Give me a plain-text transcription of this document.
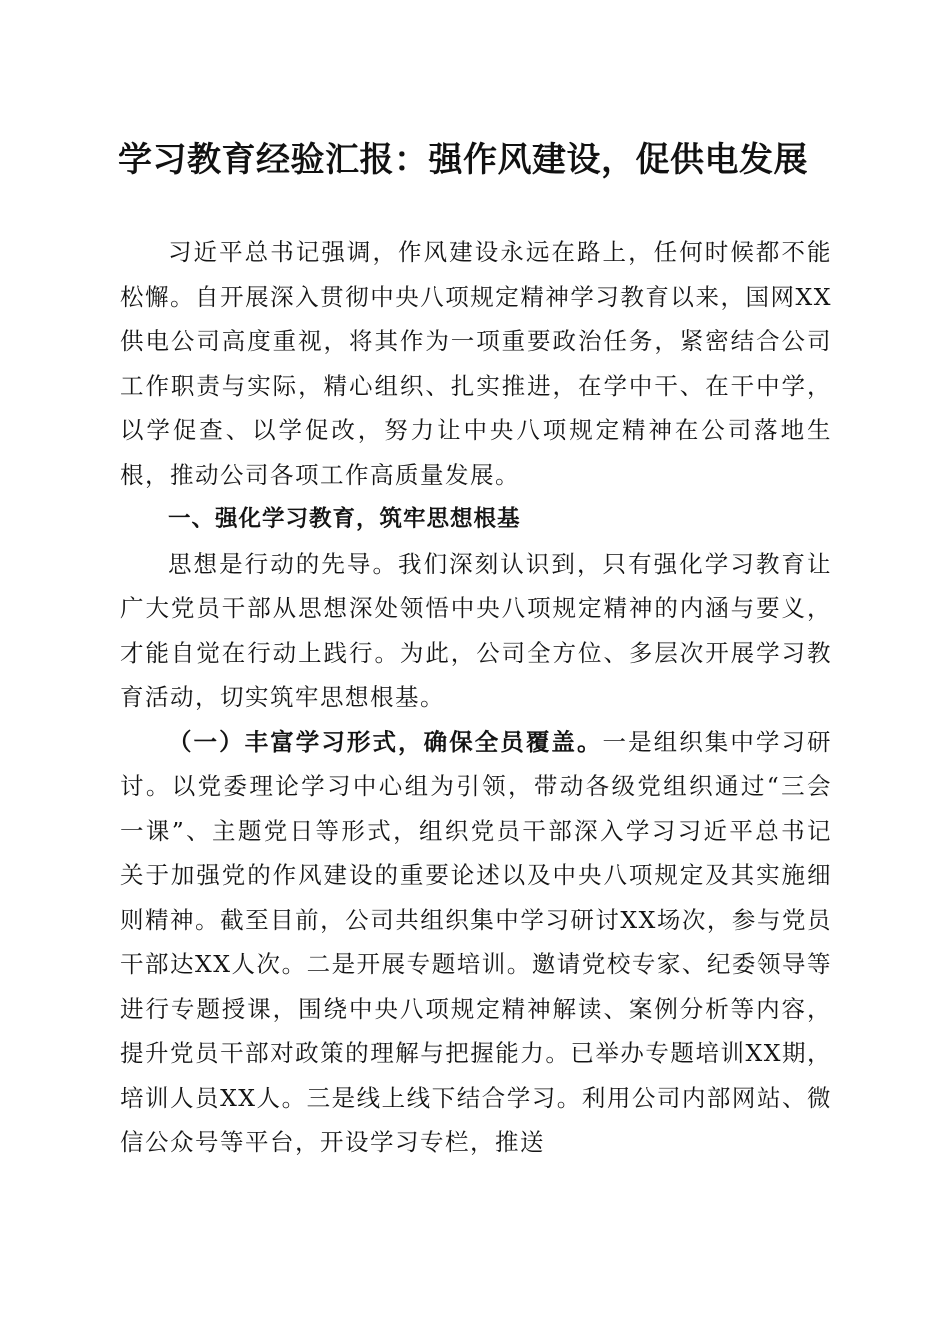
学习教育经验汇报：强作风建设，促供电发展

习近平总书记强调，作风建设永远在路上，任何时候都不能松懈。自开展深入贯彻中央八项规定精神学习教育以来，国网XX供电公司高度重视，将其作为一项重要政治任务，紧密结合公司工作职责与实际，精心组织、扎实推进，在学中干、在干中学，以学促查、以学促改，努力让中央八项规定精神在公司落地生根，推动公司各项工作高质量发展。

一、强化学习教育，筑牢思想根基

思想是行动的先导。我们深刻认识到，只有强化学习教育让广大党员干部从思想深处领悟中央八项规定精神的内涵与要义，才能自觉在行动上践行。为此，公司全方位、多层次开展学习教育活动，切实筑牢思想根基。

（一）丰富学习形式，确保全员覆盖。一是组织集中学习研讨。以党委理论学习中心组为引领，带动各级党组织通过“三会一课”、主题党日等形式，组织党员干部深入学习习近平总书记关于加强党的作风建设的重要论述以及中央八项规定及其实施细则精神。截至目前，公司共组织集中学习研讨XX场次，参与党员干部达XX人次。二是开展专题培训。邀请党校专家、纪委领导等进行专题授课，围绕中央八项规定精神解读、案例分析等内容，提升党员干部对政策的理解与把握能力。已举办专题培训XX期，培训人员XX人。三是线上线下结合学习。利用公司内部网站、微信公众号等平台，开设学习专栏，推送
